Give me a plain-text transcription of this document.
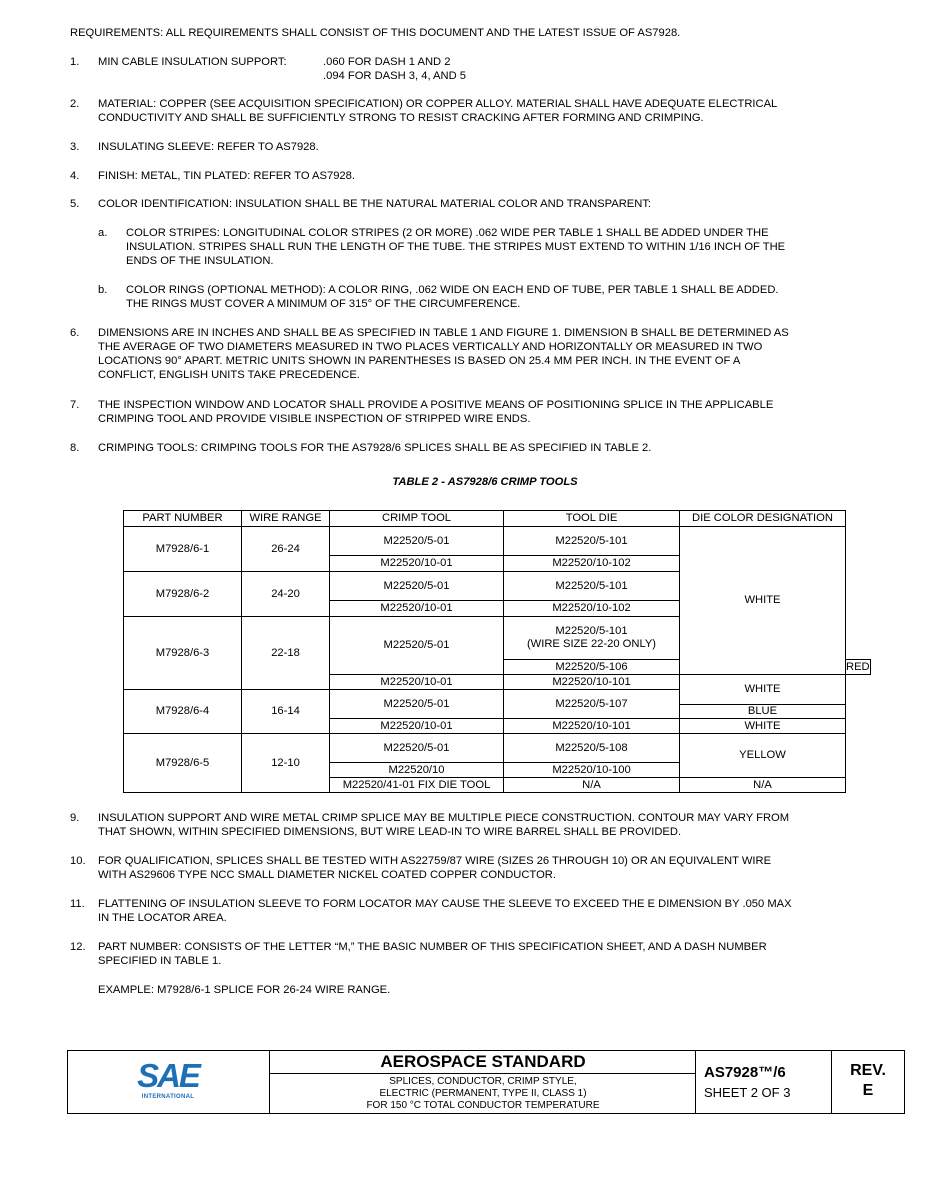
REQUIREMENTS: ALL REQUIREMENTS SHALL CONSIST OF THIS DOCUMENT AND THE LATEST ISSUE OF AS7928.
1. MIN CABLE INSULATION SUPPORT:	.060 FOR DASH 1 AND 2
.094 FOR DASH 3, 4, AND 5
2. MATERIAL: COPPER (SEE ACQUISITION SPECIFICATION) OR COPPER ALLOY. MATERIAL SHALL HAVE ADEQUATE ELECTRICAL
CONDUCTIVITY AND SHALL BE SUFFICIENTLY STRONG TO RESIST CRACKING AFTER FORMING AND CRIMPING.
3. INSULATING SLEEVE: REFER TO AS7928.
4. FINISH: METAL, TIN PLATED: REFER TO AS7928.
5. COLOR IDENTIFICATION: INSULATION SHALL BE THE NATURAL MATERIAL COLOR AND TRANSPARENT:
a. COLOR STRIPES: LONGITUDINAL COLOR STRIPES (2 OR MORE) .062 WIDE PER TABLE 1 SHALL BE ADDED UNDER THE
INSULATION. STRIPES SHALL RUN THE LENGTH OF THE TUBE. THE STRIPES MUST EXTEND TO WITHIN 1/16 INCH OF THE
ENDS OF THE INSULATION.
b. COLOR RINGS (OPTIONAL METHOD): A COLOR RING, .062 WIDE ON EACH END OF TUBE, PER TABLE 1 SHALL BE ADDED.
THE RINGS MUST COVER A MINIMUM OF 315° OF THE CIRCUMFERENCE.
6. DIMENSIONS ARE IN INCHES AND SHALL BE AS SPECIFIED IN TABLE 1 AND FIGURE 1. DIMENSION B SHALL BE DETERMINED AS
THE AVERAGE OF TWO DIAMETERS MEASURED IN TWO PLACES VERTICALLY AND HORIZONTALLY OR MEASURED IN TWO
LOCATIONS 90° APART. METRIC UNITS SHOWN IN PARENTHESES IS BASED ON 25.4 MM PER INCH. IN THE EVENT OF A
CONFLICT, ENGLISH UNITS TAKE PRECEDENCE.
7. THE INSPECTION WINDOW AND LOCATOR SHALL PROVIDE A POSITIVE MEANS OF POSITIONING SPLICE IN THE APPLICABLE
CRIMPING TOOL AND PROVIDE VISIBLE INSPECTION OF STRIPPED WIRE ENDS.
8. CRIMPING TOOLS: CRIMPING TOOLS FOR THE AS7928/6 SPLICES SHALL BE AS SPECIFIED IN TABLE 2.
TABLE 2 - AS7928/6 CRIMP TOOLS
PART NUMBER	WIRE RANGE	CRIMP TOOL	TOOL DIE	DIE COLOR DESIGNATION	
M7928/6-1	26-24	M22520/5-01	M22520/5-101	WHITE	
		M22520/10-01	M22520/10-102		
M7928/6-2	24-20	M22520/5-01	M22520/5-101		
		M22520/10-01	M22520/10-102		
M7928/6-3	22-18	M22520/5-01	M22520/5-101
(WIRE SIZE 22-20 ONLY)		

			M22520/5-106		RED
		M22520/10-01	M22520/10-101	WHITE	
M7928/6-4	16-14	M22520/5-01	M22520/5-107		
				BLUE	
		M22520/10-01	M22520/10-101	WHITE	
M7928/6-5	12-10	M22520/5-01	M22520/5-108	YELLOW	
		M22520/10	M22520/10-100		
		M22520/41-01 FIX DIE TOOL	N/A	N/A	
9. INSULATION SUPPORT AND WIRE METAL CRIMP SPLICE MAY BE MULTIPLE PIECE CONSTRUCTION. CONTOUR MAY VARY FROM
THAT SHOWN, WITHIN SPECIFIED DIMENSIONS, BUT WIRE LEAD-IN TO WIRE BARREL SHALL BE PROVIDED.
10. FOR QUALIFICATION, SPLICES SHALL BE TESTED WITH AS22759/87 WIRE (SIZES 26 THROUGH 10) OR AN EQUIVALENT WIRE
WITH AS29606 TYPE NCC SMALL DIAMETER NICKEL COATED COPPER CONDUCTOR.
11. FLATTENING OF INSULATION SLEEVE TO FORM LOCATOR MAY CAUSE THE SLEEVE TO EXCEED THE E DIMENSION BY .050 MAX
IN THE LOCATOR AREA.
12. PART NUMBER: CONSISTS OF THE LETTER “M,” THE BASIC NUMBER OF THIS SPECIFICATION SHEET, AND A DASH NUMBER
SPECIFIED IN TABLE 1.
EXAMPLE: M7928/6-1 SPLICE FOR 26-24 WIRE RANGE.
SAE
INTERNATIONAL
AEROSPACE STANDARD
SPLICES, CONDUCTOR, CRIMP STYLE,
ELECTRIC (PERMANENT, TYPE II, CLASS 1)
FOR 150 °C TOTAL CONDUCTOR TEMPERATURE
AS7928™/6
SHEET 2 OF 3
REV.
E
